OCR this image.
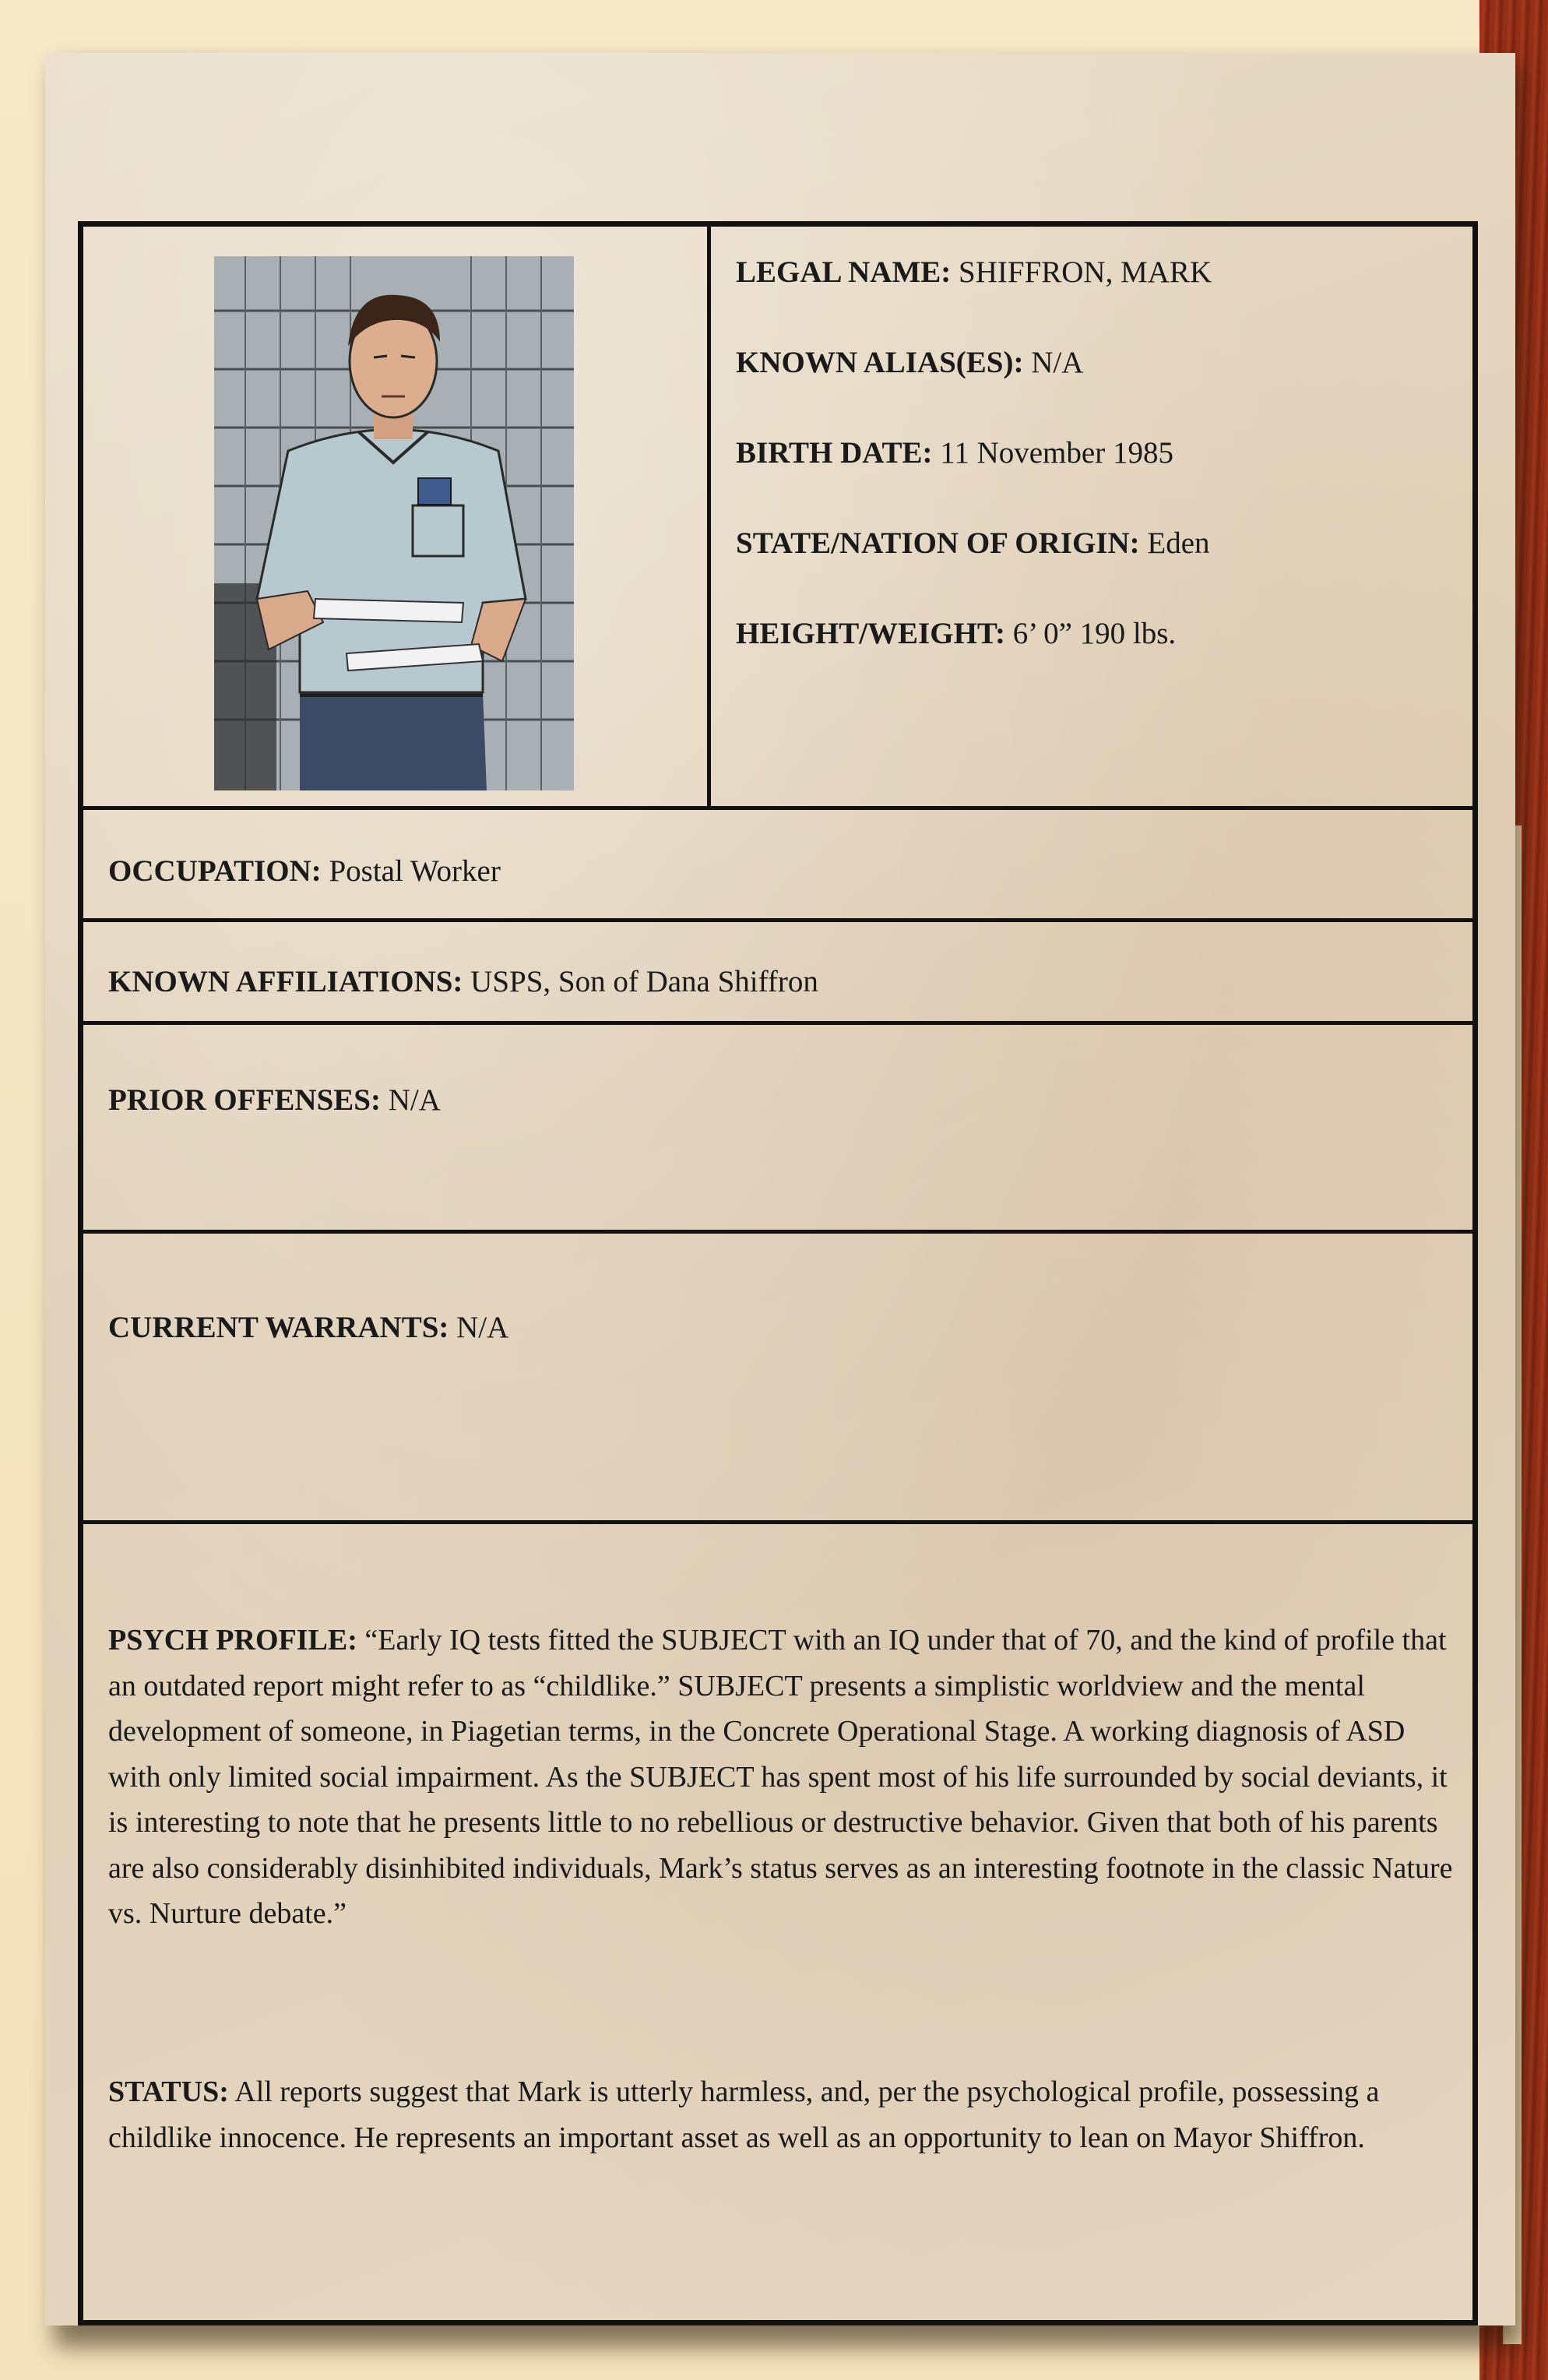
LEGAL NAME: SHIFFRON, MARK

KNOWN ALIAS(ES): N/A

BIRTH DATE: 11 November 1985

STATE/NATION OF ORIGIN: Eden

HEIGHT/WEIGHT: 6’ 0” 190 lbs.

OCCUPATION: Postal Worker

KNOWN AFFILIATIONS: USPS, Son of Dana Shiffron

PRIOR OFFENSES: N/A

CURRENT WARRANTS: N/A

PSYCH PROFILE: “Early IQ tests fitted the SUBJECT with an IQ under that of 70, and the kind of profile that an outdated report might refer to as “childlike.” SUBJECT presents a simplistic worldview and the mental development of someone, in Piagetian terms, in the Concrete Operational Stage. A working diagnosis of ASD with only limited social impairment. As the SUBJECT has spent most of his life surrounded by social deviants, it is interesting to note that he presents little to no rebellious or destructive behavior. Given that both of his parents are also considerably disinhibited individuals, Mark’s status serves as an interesting footnote in the classic Nature vs. Nurture debate.”

STATUS: All reports suggest that Mark is utterly harmless, and, per the psychological profile, possessing a childlike innocence. He represents an important asset as well as an opportunity to lean on Mayor Shiffron.
